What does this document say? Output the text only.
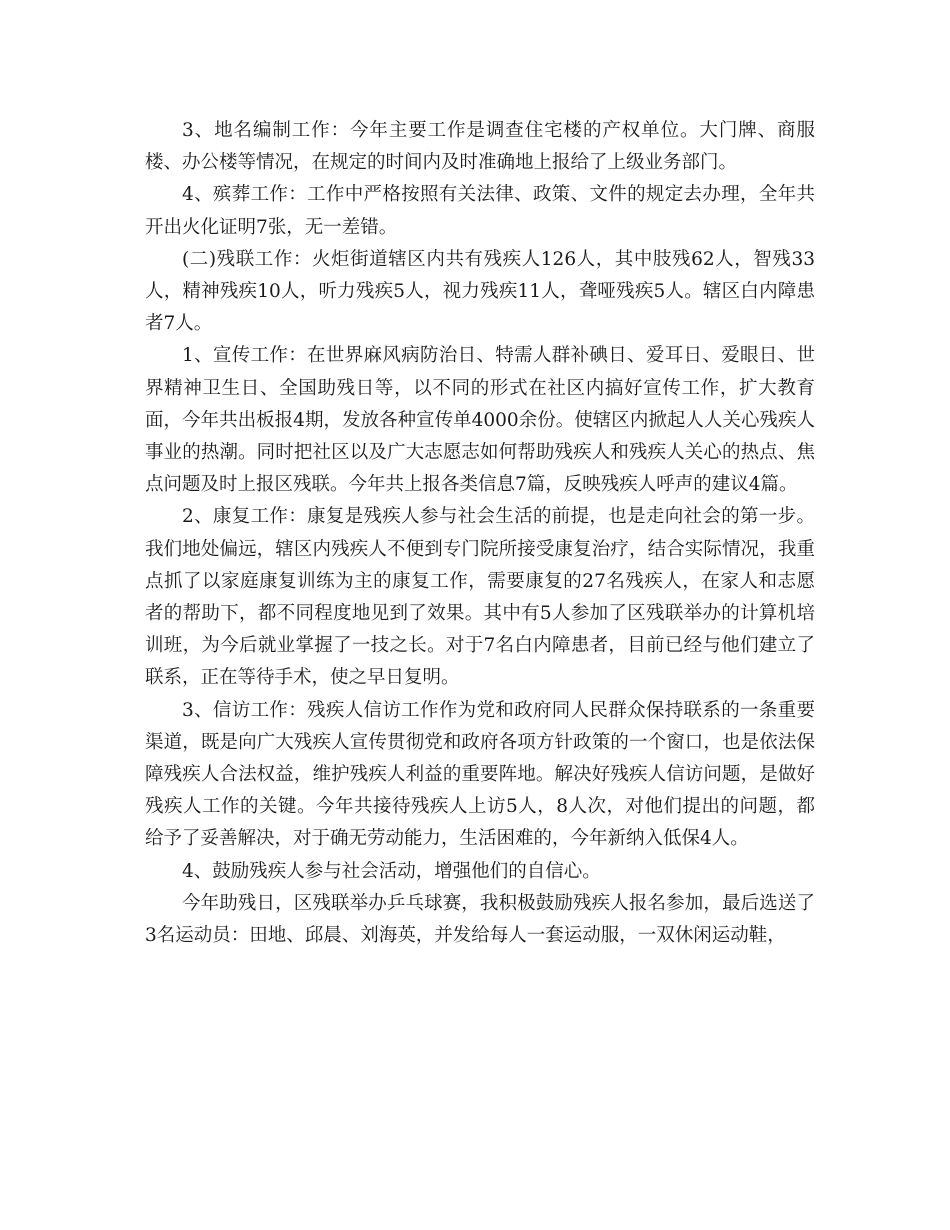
3、地名编制工作：今年主要工作是调查住宅楼的产权单位。大门牌、商服楼、办公楼等情况，在规定的时间内及时准确地上报给了上级业务部门。

4、殡葬工作：工作中严格按照有关法律、政策、文件的规定去办理，全年共开出火化证明7张，无一差错。

(二)残联工作：火炬街道辖区内共有残疾人126人，其中肢残62人，智残33人，精神残疾10人，听力残疾5人，视力残疾11人，聋哑残疾5人。辖区白内障患者7人。

1、宣传工作：在世界麻风病防治日、特需人群补碘日、爱耳日、爱眼日、世界精神卫生日、全国助残日等，以不同的形式在社区内搞好宣传工作，扩大教育面，今年共出板报4期，发放各种宣传单4000余份。使辖区内掀起人人关心残疾人事业的热潮。同时把社区以及广大志愿志如何帮助残疾人和残疾人关心的热点、焦点问题及时上报区残联。今年共上报各类信息7篇，反映残疾人呼声的建议4篇。

2、康复工作：康复是残疾人参与社会生活的前提，也是走向社会的第一步。我们地处偏远，辖区内残疾人不便到专门院所接受康复治疗，结合实际情况，我重点抓了以家庭康复训练为主的康复工作，需要康复的27名残疾人，在家人和志愿者的帮助下，都不同程度地见到了效果。其中有5人参加了区残联举办的计算机培训班，为今后就业掌握了一技之长。对于7名白内障患者，目前已经与他们建立了联系，正在等待手术，使之早日复明。

3、信访工作：残疾人信访工作作为党和政府同人民群众保持联系的一条重要渠道，既是向广大残疾人宣传贯彻党和政府各项方针政策的一个窗口，也是依法保障残疾人合法权益，维护残疾人利益的重要阵地。解决好残疾人信访问题，是做好残疾人工作的关键。今年共接待残疾人上访5人，8人次，对他们提出的问题，都给予了妥善解决，对于确无劳动能力，生活困难的，今年新纳入低保4人。

4、鼓励残疾人参与社会活动，增强他们的自信心。

今年助残日，区残联举办乒乓球赛，我积极鼓励残疾人报名参加，最后选送了3名运动员：田地、邱晨、刘海英，并发给每人一套运动服，一双休闲运动鞋，
